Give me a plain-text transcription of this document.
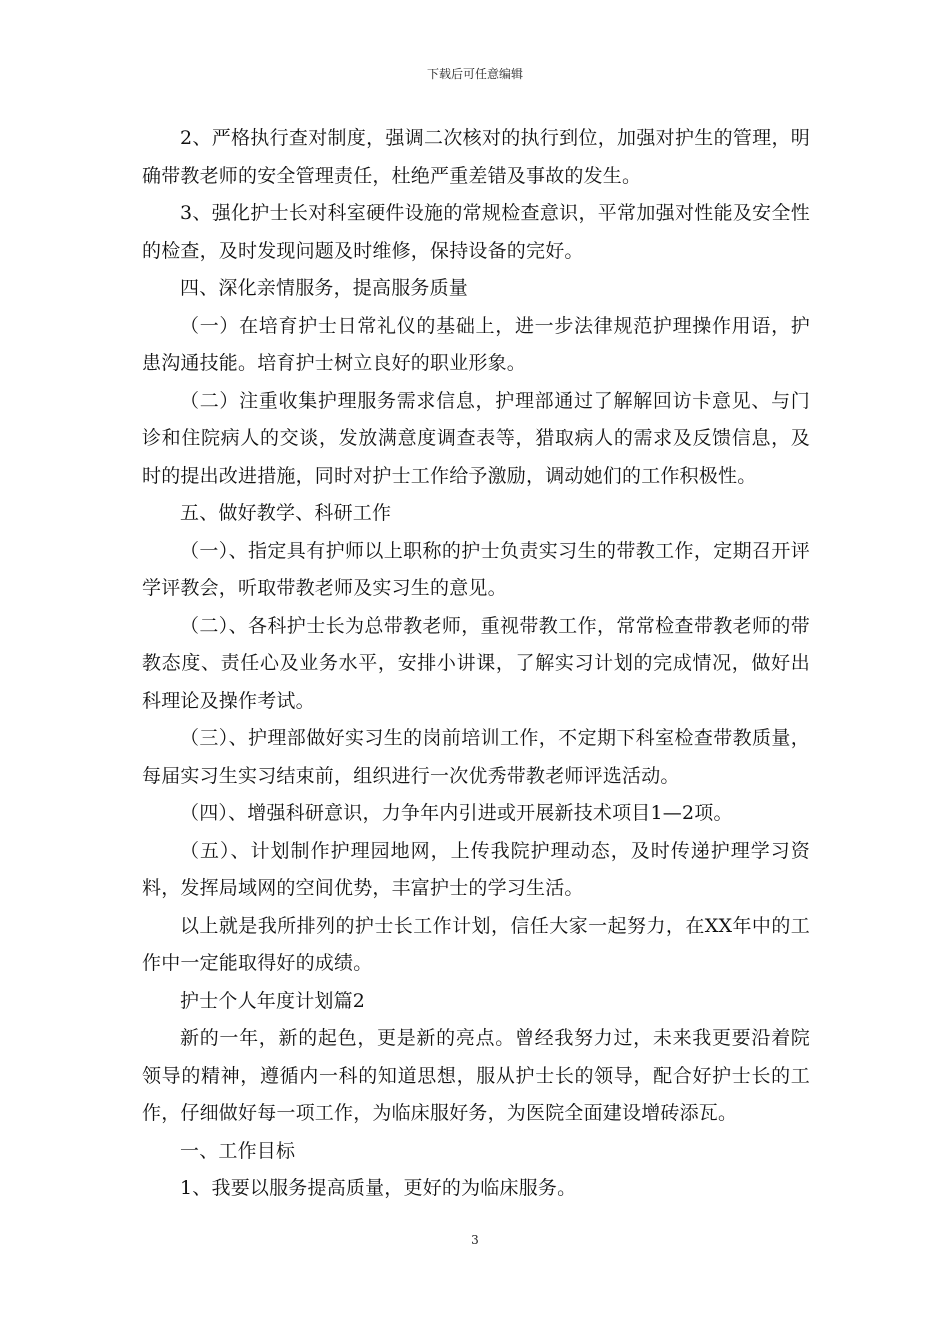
下载后可任意编辑

2、严格执行查对制度，强调二次核对的执行到位，加强对护生的管理，明确带教老师的安全管理责任，杜绝严重差错及事故的发生。

3、强化护士长对科室硬件设施的常规检查意识，平常加强对性能及安全性的检查，及时发现问题及时维修，保持设备的完好。

四、深化亲情服务，提高服务质量

（一）在培育护士日常礼仪的基础上，进一步法律规范护理操作用语，护患沟通技能。培育护士树立良好的职业形象。

（二）注重收集护理服务需求信息，护理部通过了解解回访卡意见、与门诊和住院病人的交谈，发放满意度调查表等，猎取病人的需求及反馈信息，及时的提出改进措施，同时对护士工作给予激励，调动她们的工作积极性。

五、做好教学、科研工作

（一）、指定具有护师以上职称的护士负责实习生的带教工作，定期召开评学评教会，听取带教老师及实习生的意见。

（二）、各科护士长为总带教老师，重视带教工作，常常检查带教老师的带教态度、责任心及业务水平，安排小讲课，了解实习计划的完成情况，做好出科理论及操作考试。

（三）、护理部做好实习生的岗前培训工作，不定期下科室检查带教质量，每届实习生实习结束前，组织进行一次优秀带教老师评选活动。

（四）、增强科研意识，力争年内引进或开展新技术项目1—2项。

（五）、计划制作护理园地网，上传我院护理动态，及时传递护理学习资料，发挥局域网的空间优势，丰富护士的学习生活。

以上就是我所排列的护士长工作计划，信任大家一起努力，在XX年中的工作中一定能取得好的成绩。

护士个人年度计划篇2

新的一年，新的起色，更是新的亮点。曾经我努力过，未来我更要沿着院领导的精神，遵循内一科的知道思想，服从护士长的领导，配合好护士长的工作，仔细做好每一项工作，为临床服好务，为医院全面建设增砖添瓦。

一、工作目标

1、我要以服务提高质量，更好的为临床服务。

3
